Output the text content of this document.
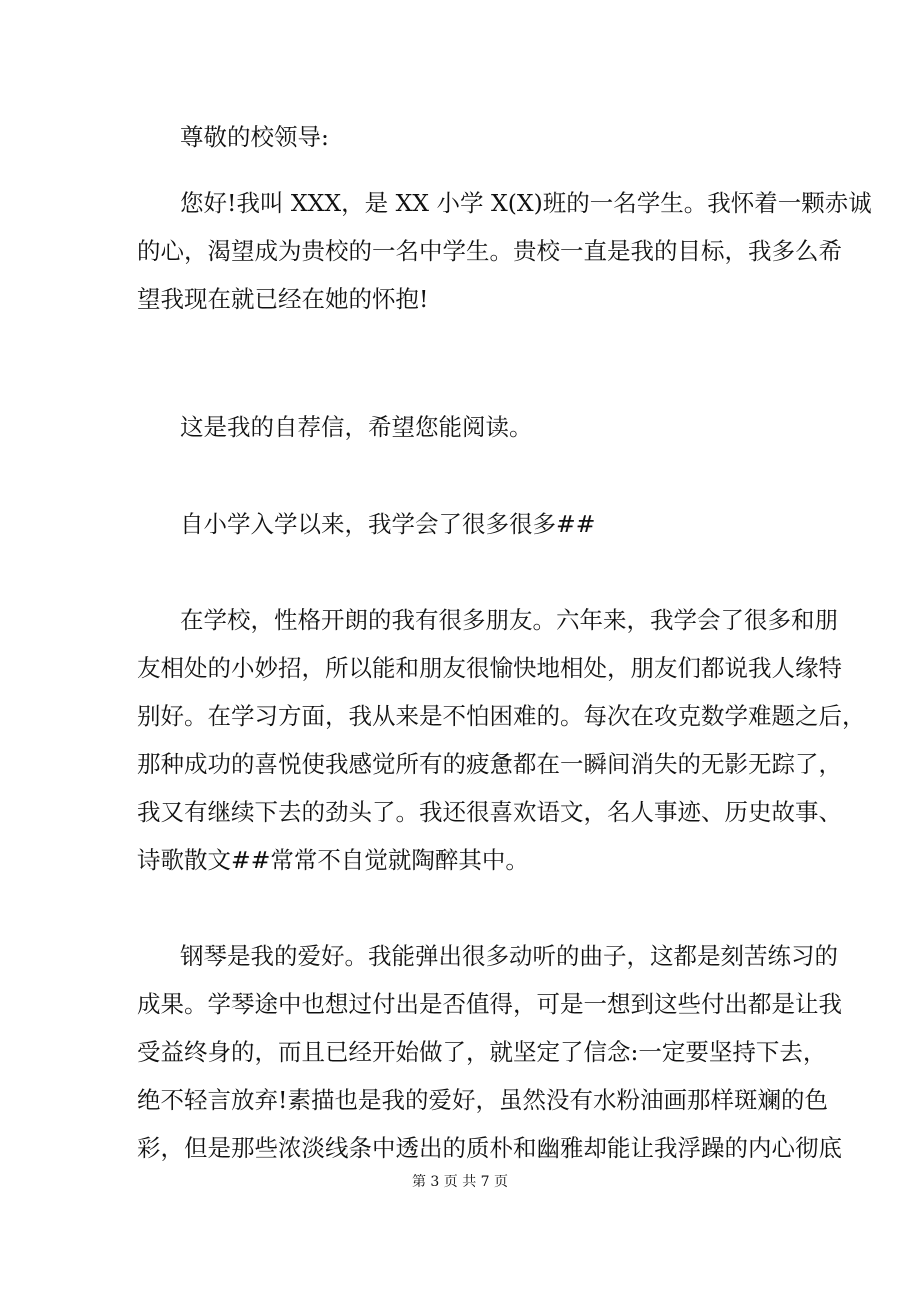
尊敬的校领导:
您好!我叫 XXX，是 XX 小学 X(X)班的一名学生。我怀着一颗赤诚
的心，渴望成为贵校的一名中学生。贵校一直是我的目标，我多么希
望我现在就已经在她的怀抱!
这是我的自荐信，希望您能阅读。
自小学入学以来，我学会了很多很多##
在学校，性格开朗的我有很多朋友。六年来，我学会了很多和朋
友相处的小妙招，所以能和朋友很愉快地相处，朋友们都说我人缘特
别好。在学习方面，我从来是不怕困难的。每次在攻克数学难题之后，
那种成功的喜悦使我感觉所有的疲惫都在一瞬间消失的无影无踪了，
我又有继续下去的劲头了。我还很喜欢语文，名人事迹、历史故事、
诗歌散文##常常不自觉就陶醉其中。
钢琴是我的爱好。我能弹出很多动听的曲子，这都是刻苦练习的
成果。学琴途中也想过付出是否值得，可是一想到这些付出都是让我
受益终身的，而且已经开始做了，就坚定了信念:一定要坚持下去，
绝不轻言放弃!素描也是我的爱好，虽然没有水粉油画那样斑斓的色
彩，但是那些浓淡线条中透出的质朴和幽雅却能让我浮躁的内心彻底
第 3 页 共 7 页
